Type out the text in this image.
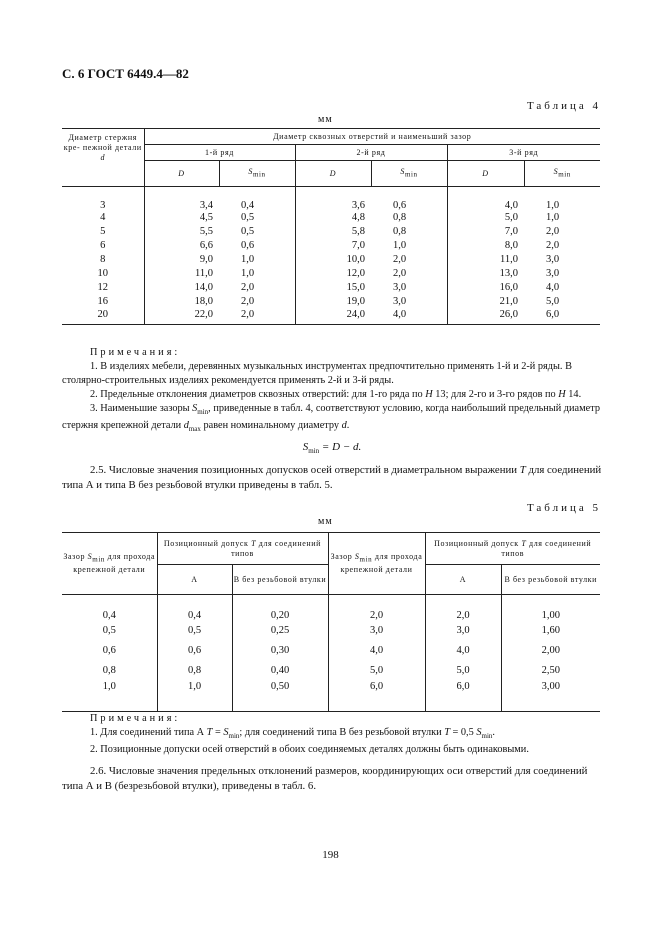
С. 6 ГОСТ 6449.4—82
Таблица 4
мм
Диаметр стержня кре- пежной детали d	Диаметр сквозных отверстий и наименьший зазор					
	1-й ряд		2-й ряд		3-й ряд	
	D	$S_{min}$	D	$S_{min}$	D	$S_{min}$
3	3,4	0,4	3,6	0,6	4,0	1,0
4	4,5	0,5	4,8	0,8	5,0	1,0
5	5,5	0,5	5,8	0,8	7,0	2,0
6	6,6	0,6	7,0	1,0	8,0	2,0
8	9,0	1,0	10,0	2,0	11,0	3,0
10	11,0	1,0	12,0	2,0	13,0	3,0
12	14,0	2,0	15,0	3,0	16,0	4,0
16	18,0	2,0	19,0	3,0	21,0	5,0
20	22,0	2,0	24,0	4,0	26,0	6,0
Примечания:
1. В изделиях мебели, деревянных музыкальных инструментах предпочтительно применять 1-й и 2-й ряды. В столярно-строительных изделиях рекомендуется применять 2-й и 3-й ряды.
2. Предельные отклонения диаметров сквозных отверстий: для 1-го ряда по H 13; для 2-го и 3-го рядов по H 14.
3. Наименьшие зазоры $S_{min}$, приведенные в табл. 4, соответствуют условию, когда наибольший предельный диаметр стержня крепежной детали $d_{max}$ равен номинальному диаметру d.
$S_{min} = D - d$.
2.5. Числовые значения позиционных допусков осей отверстий в диаметральном выражении T для соединений типа А и типа В без резьбовой втулки приведены в табл. 5.
Таблица 5
мм
Зазор $S_{min}$ для прохода крепежной детали	Позиционный допуск T для соединений типов		Зазор $S_{min}$ для прохода крепежной детали	Позиционный допуск T для соединений типов	
	А	В без резьбовой втулки		А	В без резьбовой втулки
0,4	0,4	0,20	2,0	2,0	1,00
0,5	0,5	0,25	3,0	3,0	1,60
0,6	0,6	0,30	4,0	4,0	2,00
0,8	0,8	0,40	5,0	5,0	2,50
1,0	1,0	0,50	6,0	6,0	3,00
Примечания:
1. Для соединений типа А $T = S_{min}$; для соединений типа В без резьбовой втулки T = 0,5 $S_{min}$.
2. Позиционные допуски осей отверстий в обоих соединяемых деталях должны быть одинаковыми.
2.6. Числовые значения предельных отклонений размеров, координирующих оси отверстий для соединений типа А и В (безрезьбовой втулки), приведены в табл. 6.
198
